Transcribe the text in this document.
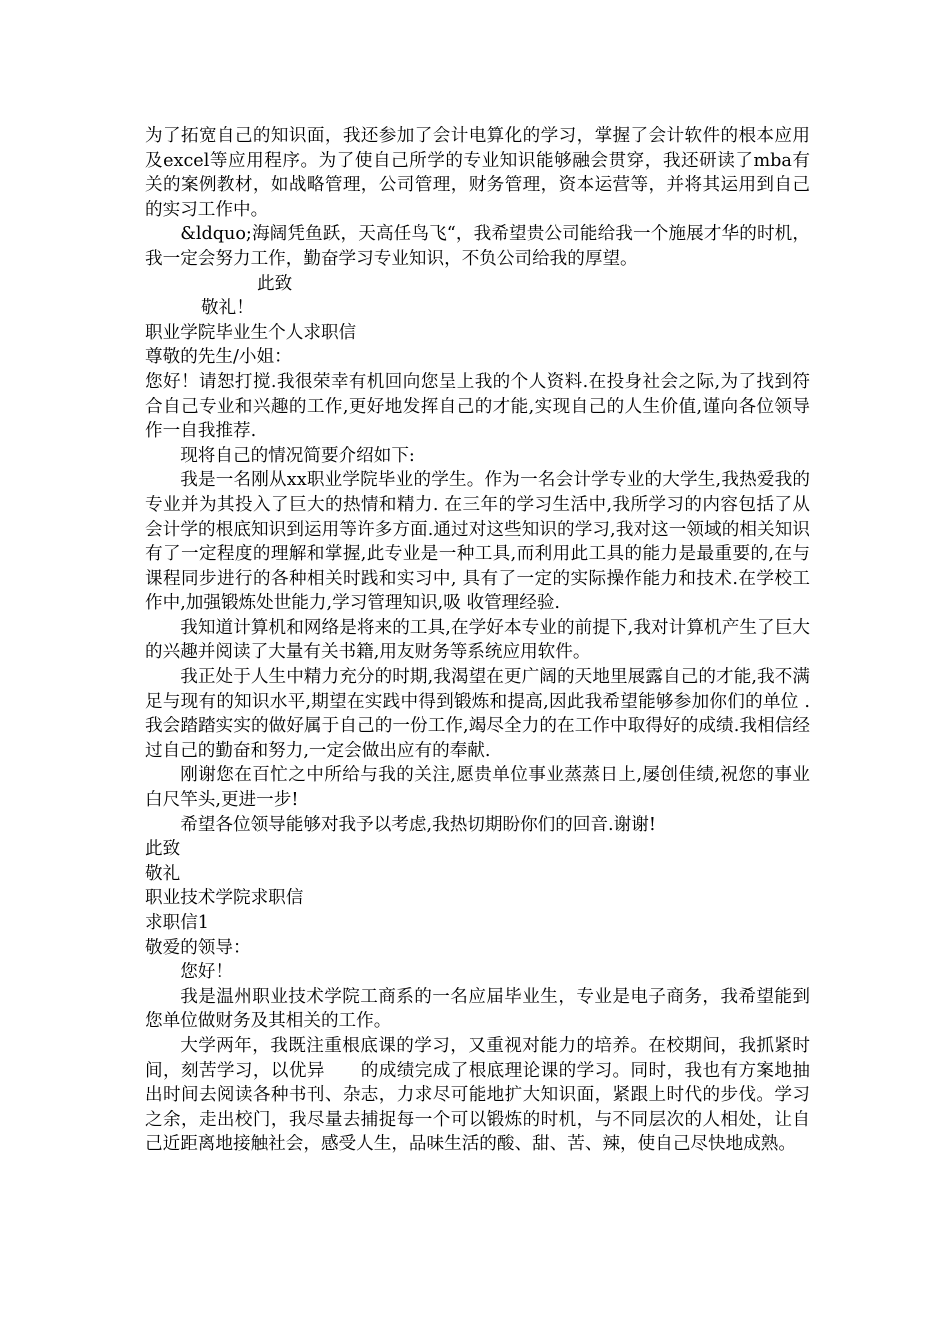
为了拓宽自己的知识面，我还参加了会计电算化的学习，掌握了会计软件的根本应用及excel等应用程序。为了使自己所学的专业知识能够融会贯穿，我还研读了mba有关的案例教材，如战略管理，公司管理，财务管理，资本运营等，并将其运用到自己的实习工作中。

&ldquo;海阔凭鱼跃，天高任鸟飞“，我希望贵公司能给我一个施展才华的时机，我一定会努力工作，勤奋学习专业知识，不负公司给我的厚望。

此致

敬礼！

职业学院毕业生个人求职信

尊敬的先生/小姐：

您好！请恕打搅.我很荣幸有机回向您呈上我的个人资料.在投身社会之际,为了找到符合自己专业和兴趣的工作,更好地发挥自己的才能,实现自己的人生价值,谨向各位领导作一自我推荐.

现将自己的情况简要介绍如下:

我是一名刚从xx职业学院毕业的学生。作为一名会计学专业的大学生,我热爱我的专业并为其投入了巨大的热情和精力. 在三年的学习生活中,我所学习的内容包括了从会计学的根底知识到运用等许多方面.通过对这些知识的学习,我对这一领域的相关知识有了一定程度的理解和掌握,此专业是一种工具,而利用此工具的能力是最重要的,在与课程同步进行的各种相关时践和实习中, 具有了一定的实际操作能力和技术.在学校工作中,加强锻炼处世能力,学习管理知识,吸 收管理经验.

我知道计算机和网络是将来的工具,在学好本专业的前提下,我对计算机产生了巨大的兴趣并阅读了大量有关书籍,用友财务等系统应用软件。

我正处于人生中精力充分的时期,我渴望在更广阔的天地里展露自己的才能,我不满足与现有的知识水平,期望在实践中得到锻炼和提高,因此我希望能够参加你们的单位 .我会踏踏实实的做好属于自己的一份工作,竭尽全力的在工作中取得好的成绩.我相信经过自己的勤奋和努力,一定会做出应有的奉献.

刚谢您在百忙之中所给与我的关注,愿贵单位事业蒸蒸日上,屡创佳绩,祝您的事业 白尺竿头,更进一步!

希望各位领导能够对我予以考虑,我热切期盼你们的回音.谢谢!

此致

敬礼

职业技术学院求职信

求职信1

敬爱的领导：

您好！

我是温州职业技术学院工商系的一名应届毕业生，专业是电子商务，我希望能到您单位做财务及其相关的工作。

大学两年，我既注重根底课的学习，又重视对能力的培养。在校期间，我抓紧时间，刻苦学习，以优异　　的成绩完成了根底理论课的学习。同时，我也有方案地抽出时间去阅读各种书刊、杂志，力求尽可能地扩大知识面，紧跟上时代的步伐。学习之余，走出校门，我尽量去捕捉每一个可以锻炼的时机，与不同层次的人相处，让自己近距离地接触社会，感受人生，品味生活的酸、甜、苦、辣，使自己尽快地成熟。
